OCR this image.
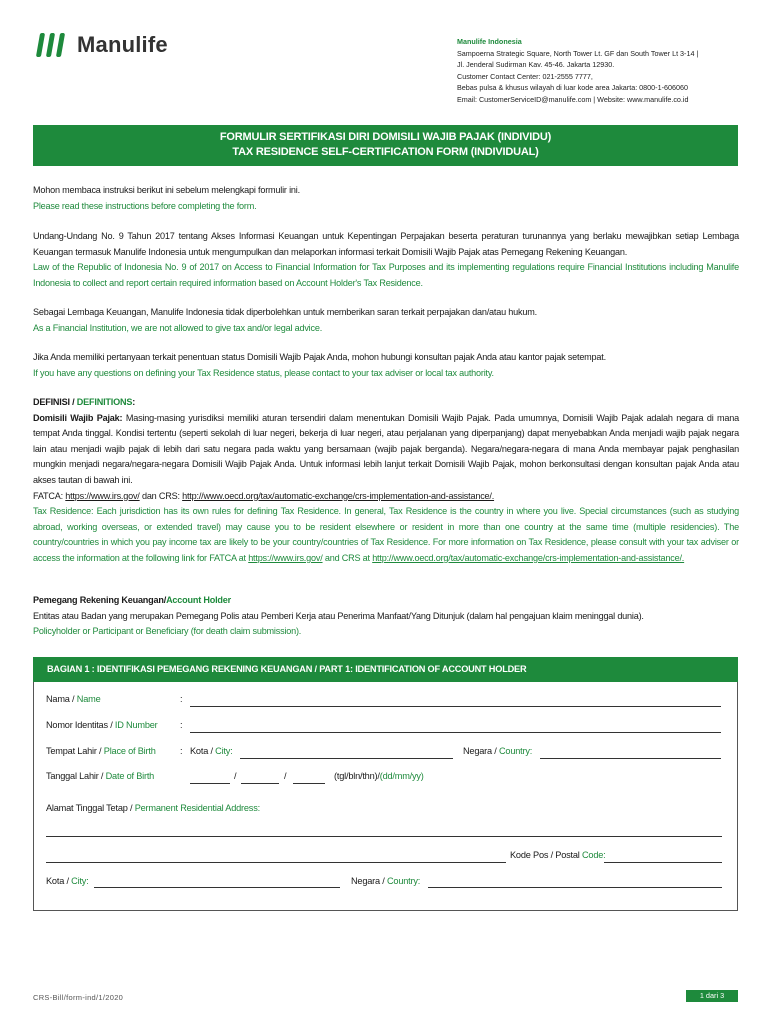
Manulife	Manulife Indonesia
Sampoerna Strategic Square, North Tower Lt. GF dan South Tower Lt 3-14 |
Jl. Jenderal Sudirman Kav. 45-46. Jakarta 12930.
Customer Contact Center: 021-2555 7777,
Bebas pulsa & khusus wilayah di luar kode area Jakarta: 0800-1-606060
Email: CustomerServiceID@manulife.com | Website: www.manulife.co.id
FORMULIR SERTIFIKASI DIRI DOMISILI WAJIB PAJAK (INDIVIDU)
TAX RESIDENCE SELF-CERTIFICATION FORM (INDIVIDUAL)

Mohon membaca instruksi berikut ini sebelum melengkapi formulir ini.

Please read these instructions before completing the form.

Undang-Undang No. 9 Tahun 2017 tentang Akses Informasi Keuangan untuk Kepentingan Perpajakan beserta peraturan turunannya yang berlaku mewajibkan setiap Lembaga Keuangan termasuk Manulife Indonesia untuk mengumpulkan dan melaporkan informasi terkait Domisili Wajib Pajak atas Pemegang Rekening Keuangan.

Law of the Republic of Indonesia No. 9 of 2017 on Access to Financial Information for Tax Purposes and its implementing regulations require Financial Institutions including Manulife Indonesia to collect and report certain required information based on Account Holder's Tax Residence.

Sebagai Lembaga Keuangan, Manulife Indonesia tidak diperbolehkan untuk memberikan saran terkait perpajakan dan/atau hukum.

As a Financial Institution, we are not allowed to give tax and/or legal advice.

Jika Anda memiliki pertanyaan terkait penentuan status Domisili Wajib Pajak Anda, mohon hubungi konsultan pajak Anda atau kantor pajak setempat.

If you have any questions on defining your Tax Residence status, please contact to your tax adviser or local tax authority.

DEFINISI / DEFINITIONS:

Domisili Wajib Pajak: Masing-masing yurisdiksi memiliki aturan tersendiri dalam menentukan Domisili Wajib Pajak. Pada umumnya, Domisili Wajib Pajak adalah negara di mana tempat Anda tinggal. Kondisi tertentu (seperti sekolah di luar negeri, bekerja di luar negeri, atau perjalanan yang diperpanjang) dapat menyebabkan Anda menjadi wajib pajak negara lain atau menjadi wajib pajak di lebih dari satu negara pada waktu yang bersamaan (wajib pajak berganda). Negara/negara-negara di mana Anda membayar pajak penghasilan mungkin menjadi negara/negara-negara Domisili Wajib Pajak Anda. Untuk informasi lebih lanjut terkait Domisili Wajib Pajak, mohon berkonsultasi dengan konsultan pajak Anda atau akses tautan di bawah ini.

FATCA: https://www.irs.gov/ dan CRS: http://www.oecd.org/tax/automatic-exchange/crs-implementation-and-assistance/.

Tax Residence: Each jurisdiction has its own rules for defining Tax Residence. In general, Tax Residence is the country in where you live. Special circumstances (such as studying abroad, working overseas, or extended travel) may cause you to be resident elsewhere or resident in more than one country at the same time (multiple residencies). The country/countries in which you pay income tax are likely to be your country/countries of Tax Residence. For more information on Tax Residence, please consult with your tax adviser or access the information at the following link for FATCA at https://www.irs.gov/ and CRS at http://www.oecd.org/tax/automatic-exchange/crs-implementation-and-assistance/.

Pemegang Rekening Keuangan/Account Holder

Entitas atau Badan yang merupakan Pemegang Polis atau Pemberi Kerja atau Penerima Manfaat/Yang Ditunjuk (dalam hal pengajuan klaim meninggal dunia).

Policyholder or Participant or Beneficiary (for death claim submission).

BAGIAN 1 : IDENTIFIKASI PEMEGANG REKENING KEUANGAN / PART 1: IDENTIFICATION OF ACCOUNT HOLDER
Nama / Name	:
Nomor Identitas / ID Number :
Tempat Lahir / Place of Birth	: Kota / City:	Negara / Country:
Tanggal Lahir / Date of Birth	/	/	(tgl/bln/thn)/(dd/mm/yy)
Alamat Tinggal Tetap / Permanent Residential Address:
Kode Pos / Postal Code:
Kota / City:	Negara / Country:
CRS-Bill/form-ind/1/2020	1 dari 3
